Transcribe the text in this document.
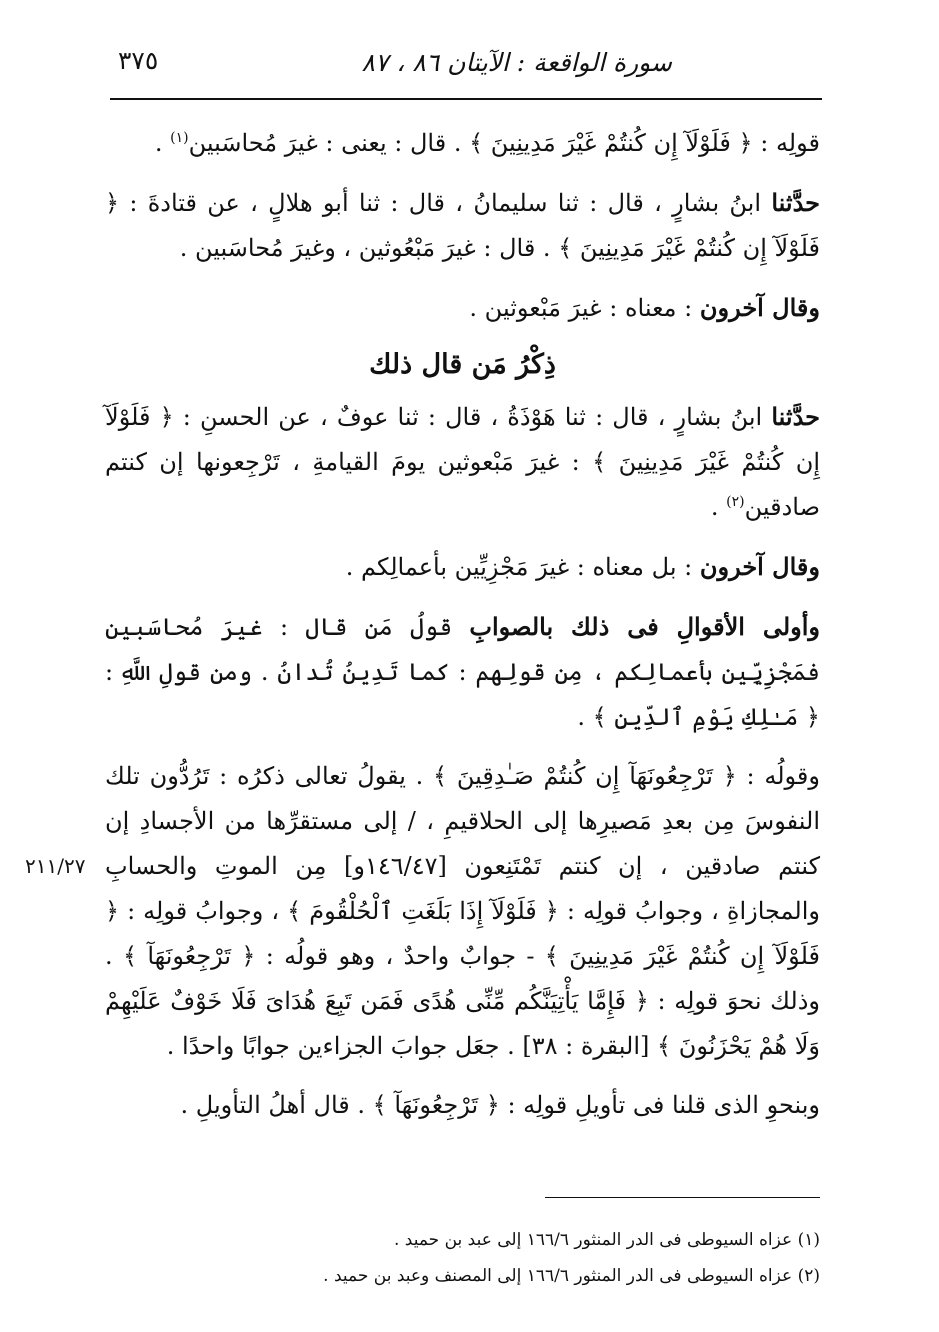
سورة الواقعة : الآيتان ٨٦ ، ٨٧
٣٧٥

قولِه : ﴿ فَلَوْلَآ إِن كُنتُمْ غَيْرَ مَدِينِينَ ﴾ . قال : يعنى : غيرَ مُحاسَبين$^{(١)}$ .

حدَّثنا ابنُ بشارٍ ، قال : ثنا سليمانُ ، قال : ثنا أبو هلالٍ ، عن قتادةَ : ﴿ فَلَوْلَآ إِن كُنتُمْ غَيْرَ مَدِينِينَ ﴾ . قال : غيرَ مَبْعُوثين ، وغيرَ مُحاسَبين .

وقال آخرون : معناه : غيرَ مَبْعوثين .

ذِكْرُ مَن قال ذلك

حدَّثنا ابنُ بشارٍ ، قال : ثنا هَوْذَةُ ، قال : ثنا عوفٌ ، عن الحسنِ : ﴿ فَلَوْلَآ إِن كُنتُمْ غَيْرَ مَدِينِينَ ﴾ : غيرَ مَبْعوثين يومَ القيامةِ ، تَرْجِعونها إن كنتم صادقين$^{(٢)}$ .

وقال آخرون : بل معناه : غيرَ مَجْزِيِّين بأعمالِكم .

وأولى الأقوالِ فى ذلك بالصوابِ قولُ مَن قال : غيرَ مُحاسَبين فمَجْزِيِّين بأعمالِكم ، مِن قولِهم : كما تَدِينُ تُدانُ . ومن قولِ اللَّهِ : ﴿ مَـٰلِكِ يَوْمِ ٱلدِّينِ ﴾ .

٢١١/٢٧
وقولُه : ﴿ تَرْجِعُونَهَآ إِن كُنتُمْ صَـٰدِقِينَ ﴾ . يقولُ تعالى ذكرُه : تَرُدُّون تلك النفوسَ مِن بعدِ مَصيرِها إلى الحلاقيمِ ، / إلى مستقرِّها من الأجسادِ إن كنتم صادقين ، إن كنتم تَمْتَنِعون [١٤٦/٤٧و] مِن الموتِ والحسابِ والمجازاةِ ، وجوابُ قولِه : ﴿ فَلَوْلَآ إِذَا بَلَغَتِ ٱلْحُلْقُومَ ﴾ ، وجوابُ قولِه : ﴿ فَلَوْلَآ إِن كُنتُمْ غَيْرَ مَدِينِينَ ﴾ - جوابٌ واحدٌ ، وهو قولُه : ﴿ تَرْجِعُونَهَآ ﴾ . وذلك نحوَ قولِه : ﴿ فَإِمَّا يَأْتِيَنَّكُم مِّنِّى هُدًى فَمَن تَبِعَ هُدَاىَ فَلَا خَوْفٌ عَلَيْهِمْ وَلَا هُمْ يَحْزَنُونَ ﴾ [البقرة : ٣٨] . جعَل جوابَ الجزاءين جوابًا واحدًا .

وبنحوِ الذى قلنا فى تأويلِ قولِه : ﴿ تَرْجِعُونَهَآ ﴾ . قال أهلُ التأويلِ .

(١) عزاه السيوطى فى الدر المنثور ١٦٦/٦ إلى عبد بن حميد .
(٢) عزاه السيوطى فى الدر المنثور ١٦٦/٦ إلى المصنف وعبد بن حميد .
